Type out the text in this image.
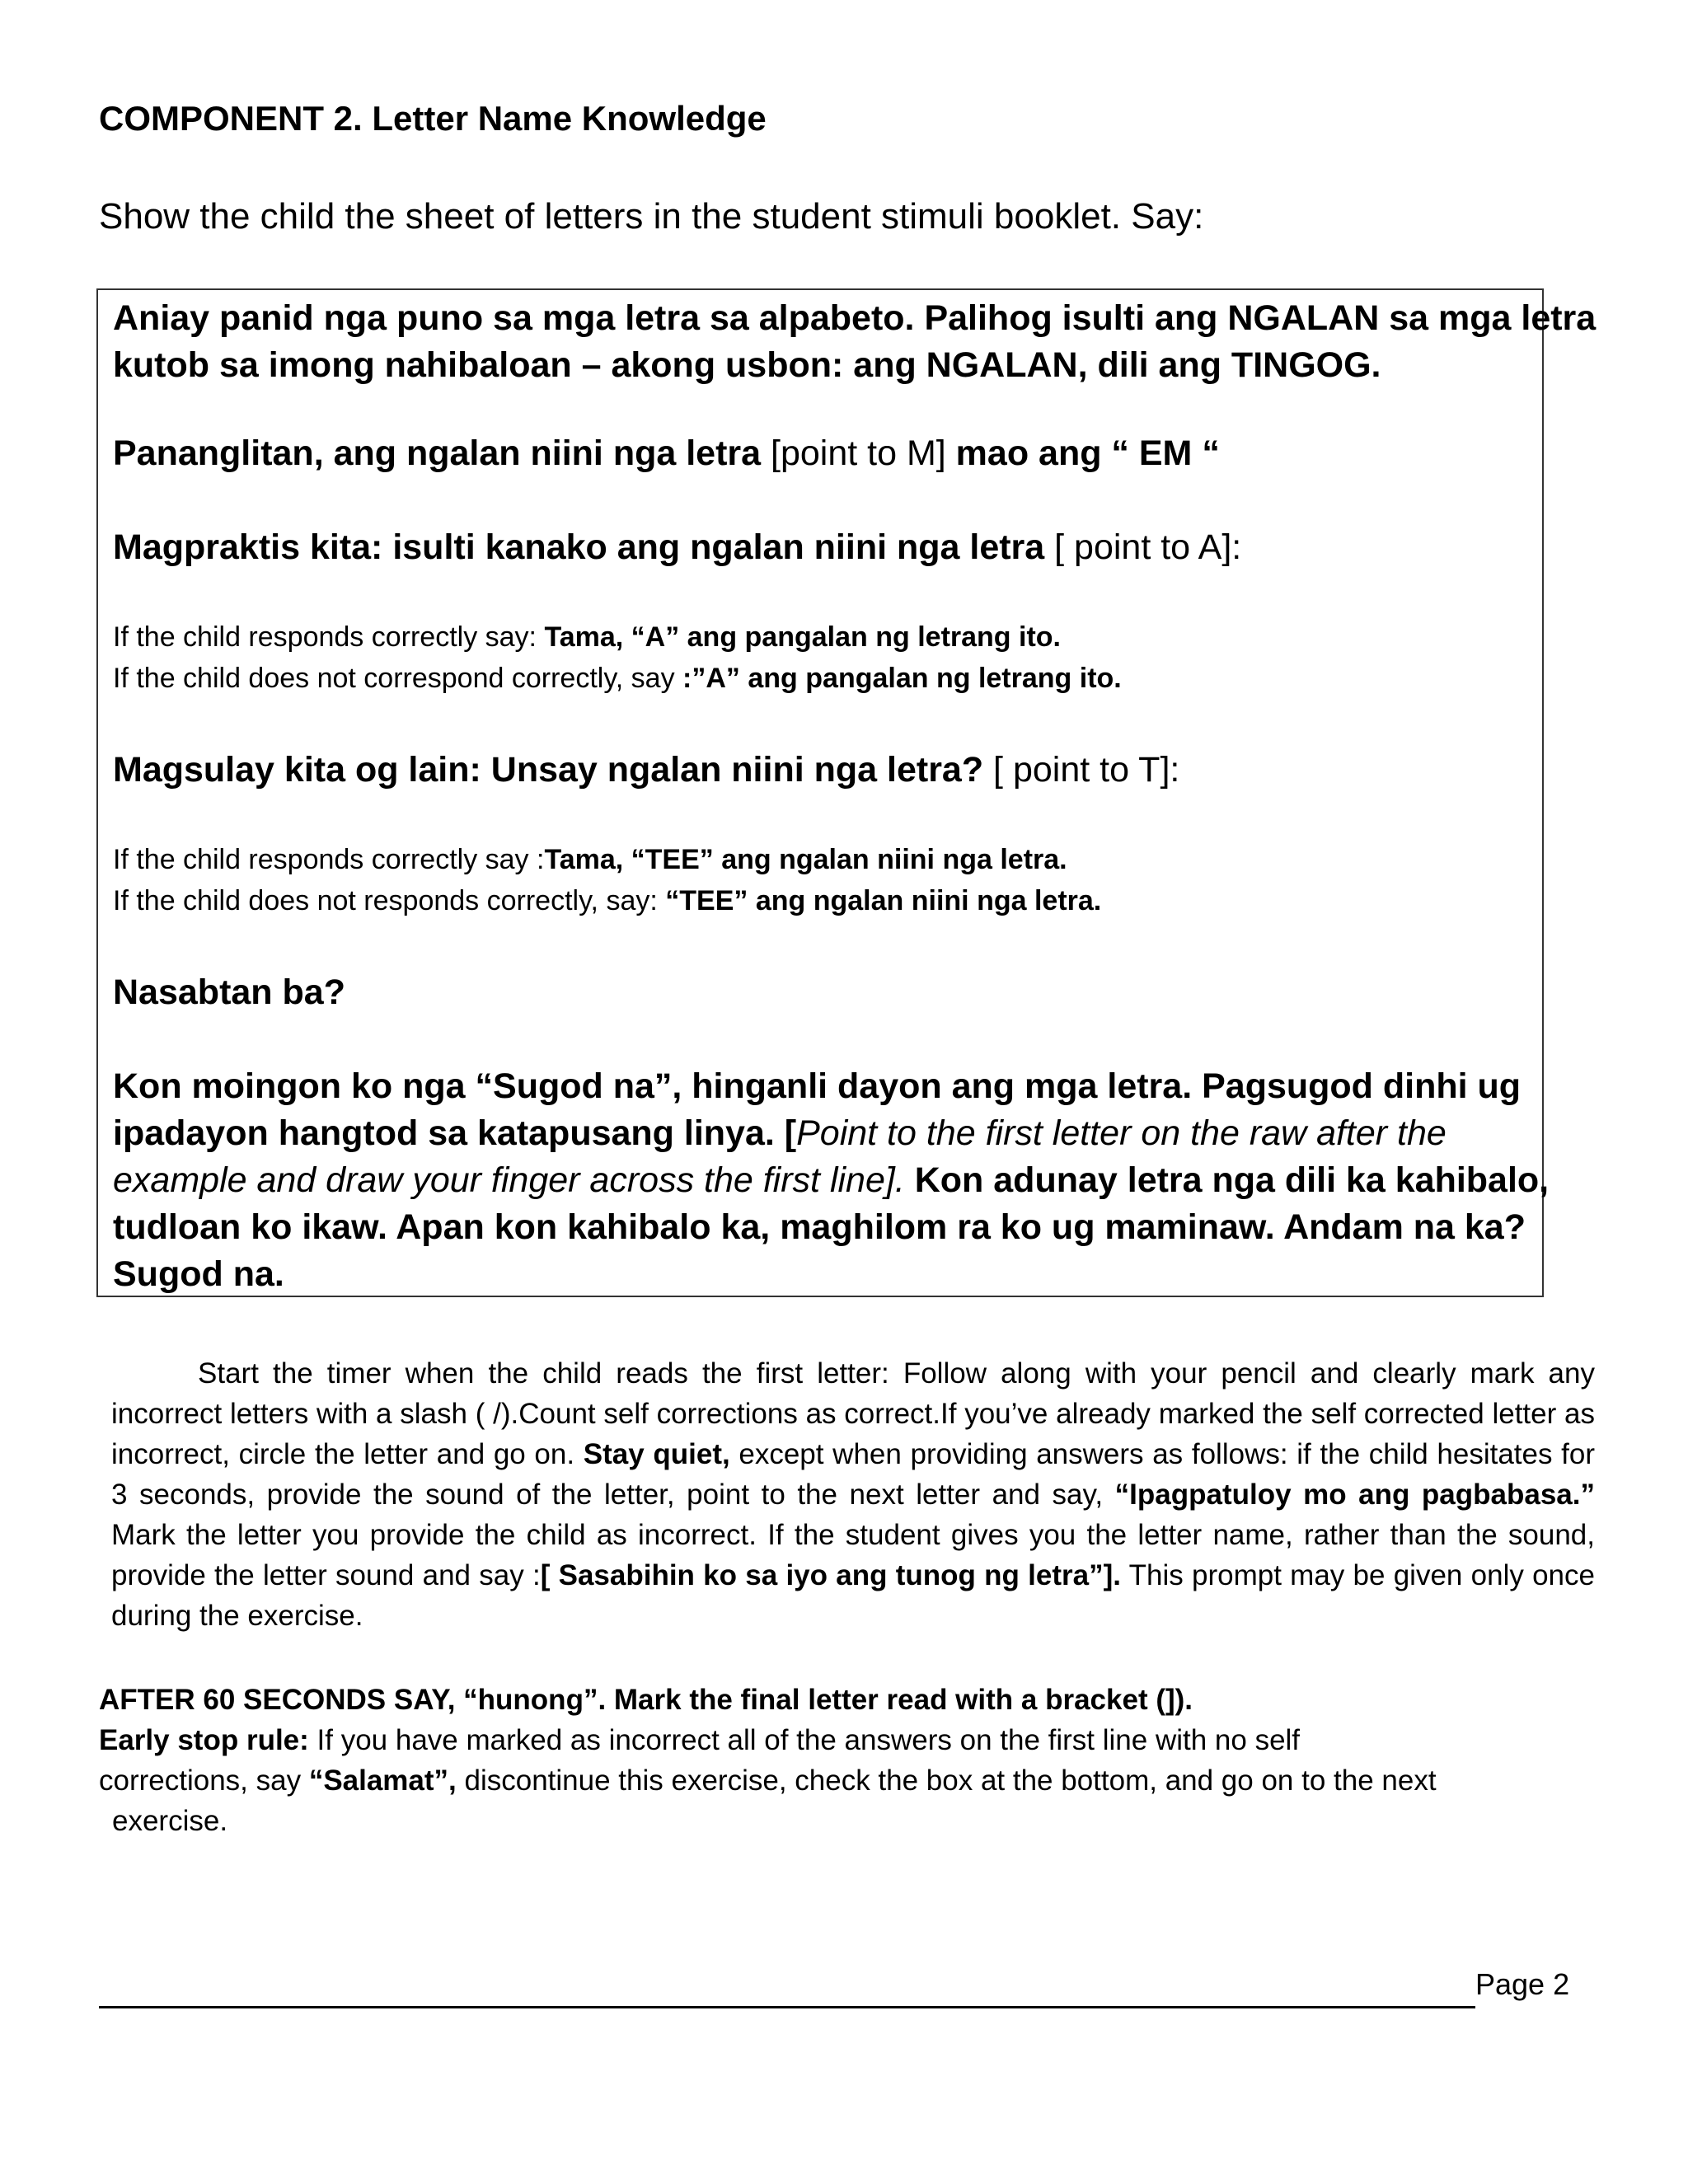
COMPONENT 2. Letter Name Knowledge
Show the child the sheet of letters in the student stimuli booklet. Say:
Aniay panid nga puno sa mga letra sa alpabeto. Palihog isulti ang NGALAN sa mga letra
kutob sa imong nahibaloan – akong usbon: ang NGALAN, dili ang TINGOG.
Pananglitan, ang ngalan niini nga letra [point to M] mao ang “ EM “
Magpraktis kita: isulti kanako ang ngalan niini nga letra [ point to A]:
If the child responds correctly say: Tama, “A” ang pangalan ng letrang ito.
If the child does not correspond correctly, say :”A” ang pangalan ng letrang ito.
Magsulay kita og lain: Unsay ngalan niini nga letra? [ point to T]:
If the child responds correctly say :Tama, “TEE” ang ngalan niini nga letra.
If the child does not responds correctly, say: “TEE” ang ngalan niini nga letra.
Nasabtan ba?
Kon moingon ko nga “Sugod na”, hinganli dayon ang mga letra. Pagsugod dinhi ug
ipadayon hangtod sa katapusang linya. [Point to the first letter on the raw after the
example and draw your finger across the first line]. Kon adunay letra nga dili ka kahibalo,
tudloan ko ikaw. Apan kon kahibalo ka, maghilom ra ko ug maminaw. Andam na ka?
Sugod na.
Start the timer when the child reads the first letter: Follow along with your pencil and clearly mark any incorrect letters with a slash ( /).Count self corrections as correct.If you’ve already marked the self corrected letter as incorrect, circle the letter and go on. Stay quiet, except when providing answers as follows: if the child hesitates for 3 seconds, provide the sound of the letter, point to the next letter and say, “Ipagpatuloy mo ang pagbabasa.” Mark the letter you provide the child as incorrect. If the student gives you the letter name, rather than the sound, provide the letter sound and say :[ Sasabihin ko sa iyo ang tunog ng letra”]. This prompt may be given only once during the exercise.
AFTER 60 SECONDS SAY, “hunong”. Mark the final letter read with a bracket (]).
Early stop rule: If you have marked as incorrect all of the answers on the first line with no self
corrections, say “Salamat”, discontinue this exercise, check the box at the bottom, and go on to the next
exercise.
Page 2
